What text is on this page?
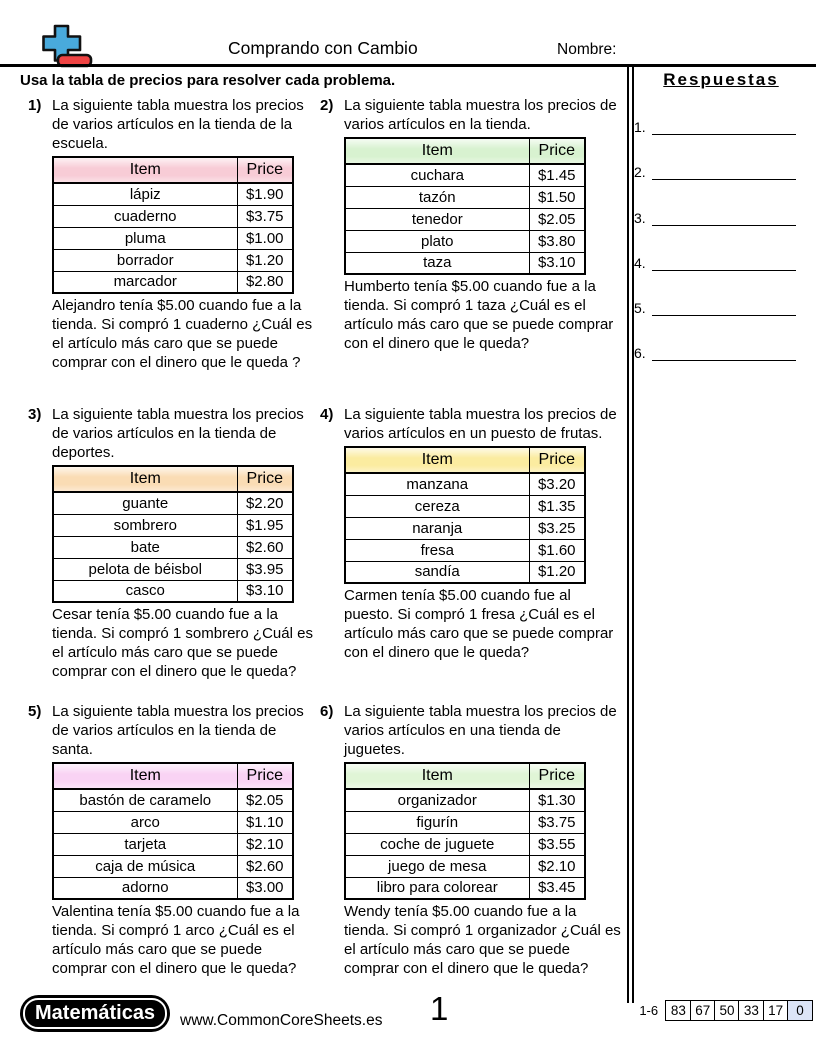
Comprando con Cambio	Nombre:
Usa la tabla de precios para resolver cada problema.
1) La siguiente tabla muestra los precios de varios artículos en la tienda de la escuela.

Item	Price
lápiz	$1.90
cuaderno	$3.75
pluma	$1.00
borrador	$1.20
marcador	$2.80

Alejandro tenía $5.00 cuando fue a la tienda. Si compró 1 cuaderno ¿Cuál es el artículo más caro que se puede comprar con el dinero que le queda ?

2) La siguiente tabla muestra los precios de varios artículos en la tienda.

Item	Price
cuchara	$1.45
tazón	$1.50
tenedor	$2.05
plato	$3.80
taza	$3.10

Humberto tenía $5.00 cuando fue a la tienda. Si compró 1 taza ¿Cuál es el artículo más caro que se puede comprar con el dinero que le queda?

3) La siguiente tabla muestra los precios de varios artículos en la tienda de deportes.

Item	Price
guante	$2.20
sombrero	$1.95
bate	$2.60
pelota de béisbol	$3.95
casco	$3.10

Cesar tenía $5.00 cuando fue a la tienda. Si compró 1 sombrero ¿Cuál es el artículo más caro que se puede comprar con el dinero que le queda?

4) La siguiente tabla muestra los precios de varios artículos en un puesto de frutas.

Item	Price
manzana	$3.20
cereza	$1.35
naranja	$3.25
fresa	$1.60
sandía	$1.20

Carmen tenía $5.00 cuando fue al puesto. Si compró 1 fresa ¿Cuál es el artículo más caro que se puede comprar con el dinero que le queda?

5) La siguiente tabla muestra los precios de varios artículos en la tienda de santa.

Item	Price
bastón de caramelo	$2.05
arco	$1.10
tarjeta	$2.10
caja de música	$2.60
adorno	$3.00

Valentina tenía $5.00 cuando fue a la tienda. Si compró 1 arco ¿Cuál es el artículo más caro que se puede comprar con el dinero que le queda?

6) La siguiente tabla muestra los precios de varios artículos en una tienda de juguetes.

Item	Price
organizador	$1.30
figurín	$3.75
coche de juguete	$3.55
juego de mesa	$2.10
libro para colorear	$3.45

Wendy tenía $5.00 cuando fue a la tienda. Si compró 1 organizador ¿Cuál es el artículo más caro que se puede comprar con el dinero que le queda?

Respuestas
1.
2.
3.
4.
5.
6.
Matemáticas	www.CommonCoreSheets.es 1	1-6 83 67 50 33 17 0
